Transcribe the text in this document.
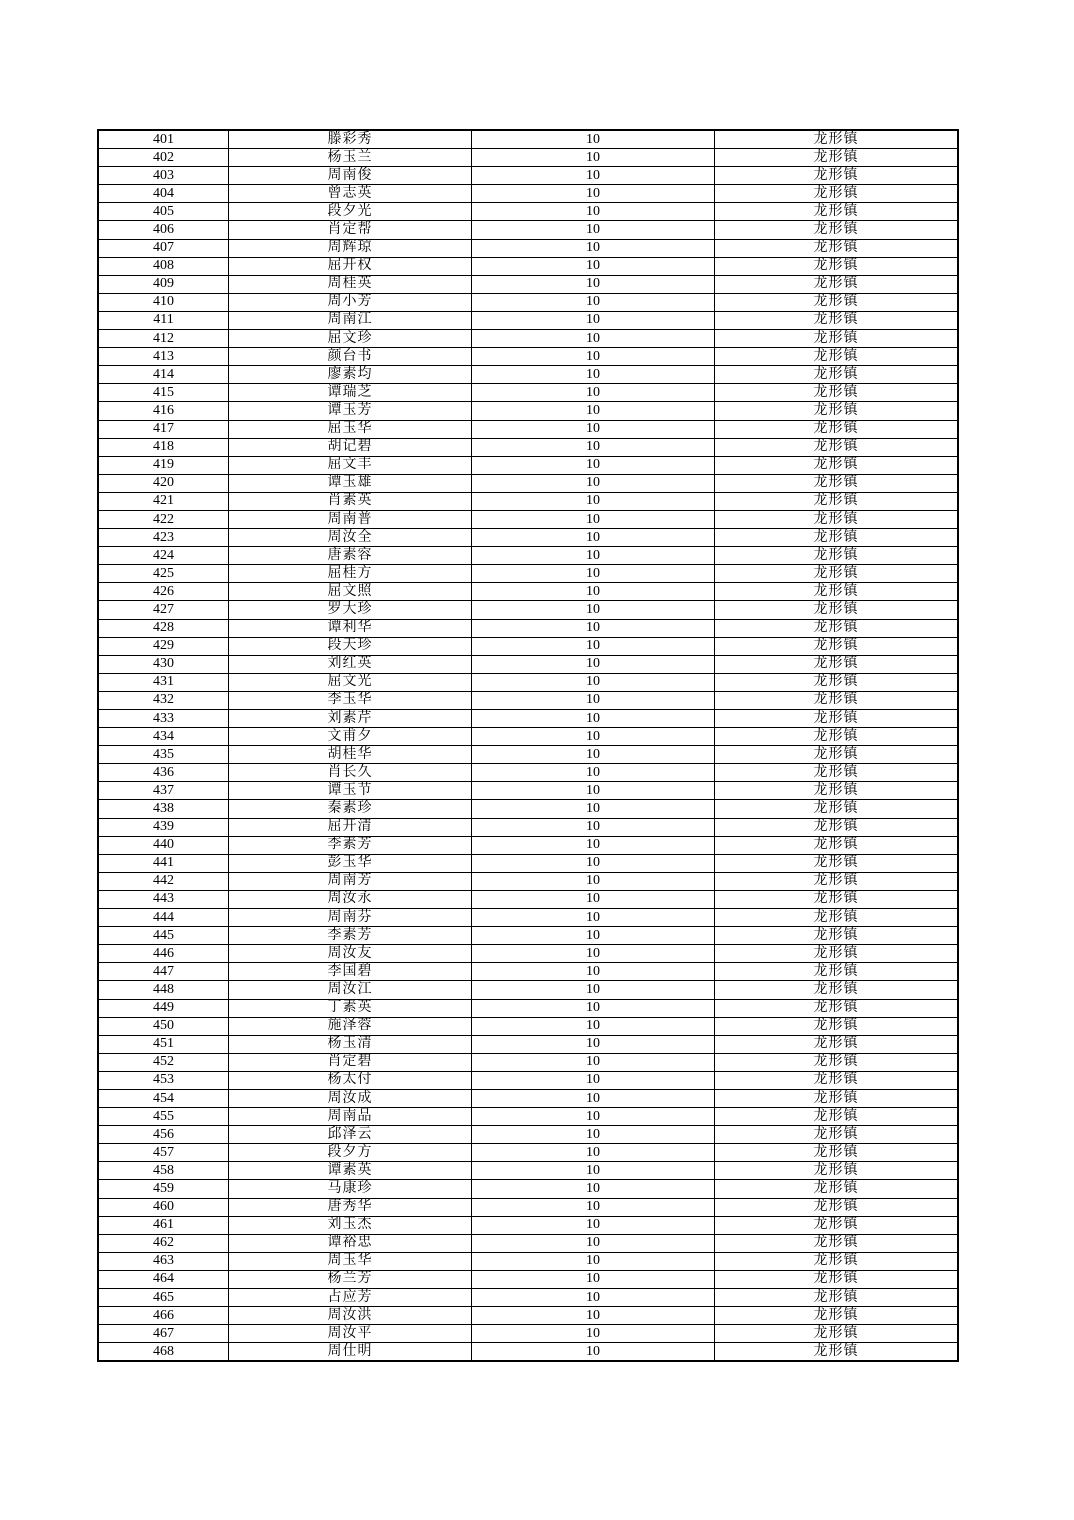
401	滕彩秀	10	龙形镇
402	杨玉兰	10	龙形镇
403	周南俊	10	龙形镇
404	曾志英	10	龙形镇
405	段夕光	10	龙形镇
406	肖定帮	10	龙形镇
407	周辉琼	10	龙形镇
408	屈开权	10	龙形镇
409	周桂英	10	龙形镇
410	周小芳	10	龙形镇
411	周南江	10	龙形镇
412	屈文珍	10	龙形镇
413	颜台书	10	龙形镇
414	廖素均	10	龙形镇
415	谭瑞芝	10	龙形镇
416	谭玉芳	10	龙形镇
417	屈玉华	10	龙形镇
418	胡记碧	10	龙形镇
419	屈文丰	10	龙形镇
420	谭玉雄	10	龙形镇
421	肖素英	10	龙形镇
422	周南普	10	龙形镇
423	周汝全	10	龙形镇
424	唐素容	10	龙形镇
425	屈桂方	10	龙形镇
426	屈文照	10	龙形镇
427	罗大珍	10	龙形镇
428	谭利华	10	龙形镇
429	段天珍	10	龙形镇
430	刘红英	10	龙形镇
431	屈文光	10	龙形镇
432	李玉华	10	龙形镇
433	刘素芹	10	龙形镇
434	文甫夕	10	龙形镇
435	胡桂华	10	龙形镇
436	肖长久	10	龙形镇
437	谭玉节	10	龙形镇
438	秦素珍	10	龙形镇
439	屈开清	10	龙形镇
440	李素芳	10	龙形镇
441	彭玉华	10	龙形镇
442	周南芳	10	龙形镇
443	周汝永	10	龙形镇
444	周南芬	10	龙形镇
445	李素芳	10	龙形镇
446	周汝友	10	龙形镇
447	李国碧	10	龙形镇
448	周汝江	10	龙形镇
449	丁素英	10	龙形镇
450	施泽蓉	10	龙形镇
451	杨玉清	10	龙形镇
452	肖定碧	10	龙形镇
453	杨太付	10	龙形镇
454	周汝成	10	龙形镇
455	周南品	10	龙形镇
456	邱泽云	10	龙形镇
457	段夕方	10	龙形镇
458	谭素英	10	龙形镇
459	马康珍	10	龙形镇
460	唐秀华	10	龙形镇
461	刘玉杰	10	龙形镇
462	谭裕忠	10	龙形镇
463	周玉华	10	龙形镇
464	杨兰芳	10	龙形镇
465	占应芳	10	龙形镇
466	周汝洪	10	龙形镇
467	周汝平	10	龙形镇
468	周仕明	10	龙形镇
